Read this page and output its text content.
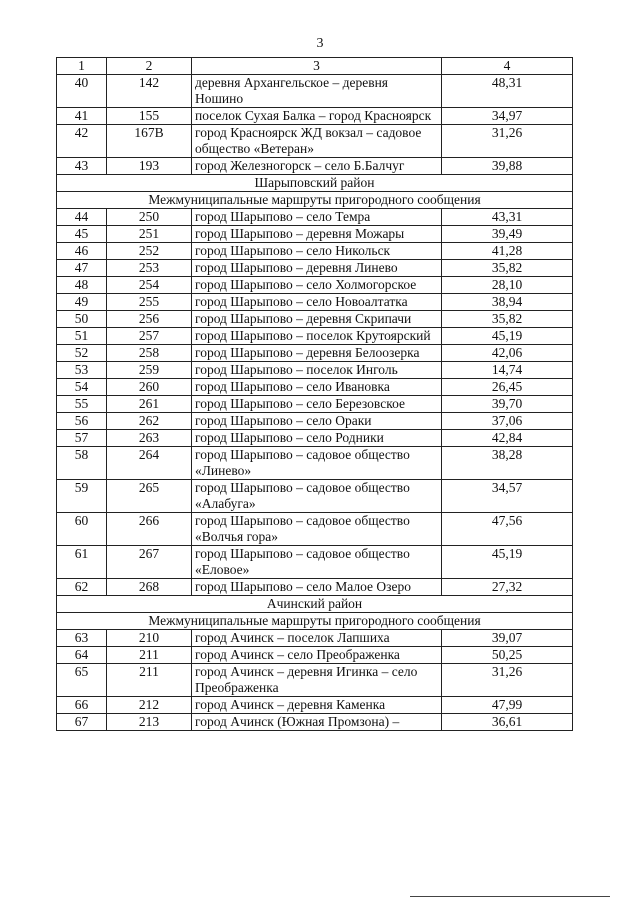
3
1	2	3	4
40	142	деревня Архангельское – деревня Ношино	48,31
41	155	поселок Сухая Балка – город Красноярск	34,97
42	167В	город Красноярск ЖД вокзал – садовое общество «Ветеран»	31,26
43	193	город Железногорск – село Б.Балчуг	39,88
Шарыповский район			
Межмуниципальные маршруты пригородного сообщения			
44	250	город Шарыпово – село Темра	43,31
45	251	город Шарыпово – деревня Можары	39,49
46	252	город Шарыпово – село Никольск	41,28
47	253	город Шарыпово – деревня Линево	35,82
48	254	город Шарыпово – село Холмогорское	28,10
49	255	город Шарыпово – село Новоалтатка	38,94
50	256	город Шарыпово – деревня Скрипачи	35,82
51	257	город Шарыпово – поселок Крутоярский	45,19
52	258	город Шарыпово – деревня Белоозерка	42,06
53	259	город Шарыпово – поселок Инголь	14,74
54	260	город Шарыпово – село Ивановка	26,45
55	261	город Шарыпово – село Березовское	39,70
56	262	город Шарыпово – село Ораки	37,06
57	263	город Шарыпово – село Родники	42,84
58	264	город Шарыпово – садовое общество «Линево»	38,28
59	265	город Шарыпово – садовое общество «Алабуга»	34,57
60	266	город Шарыпово – садовое общество «Волчья гора»	47,56
61	267	город Шарыпово – садовое общество «Еловое»	45,19
62	268	город Шарыпово – село Малое Озеро	27,32
Ачинский район			
Межмуниципальные маршруты пригородного сообщения			
63	210	город Ачинск – поселок Лапшиха	39,07
64	211	город Ачинск – село Преображенка	50,25
65	211	город Ачинск – деревня Игинка – село Преображенка	31,26
66	212	город Ачинск – деревня Каменка	47,99
67	213	город Ачинск (Южная Промзона) –	36,61
